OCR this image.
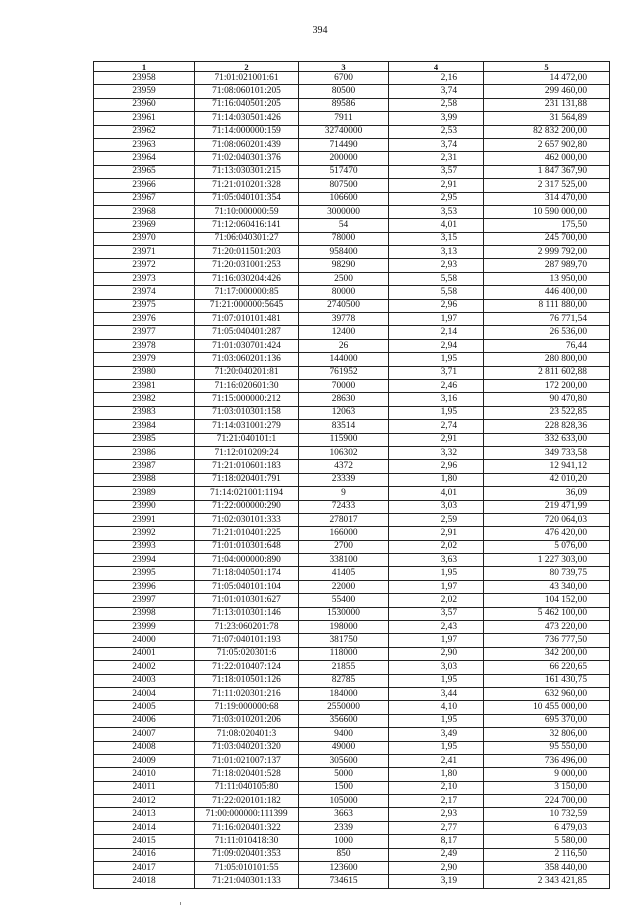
394
1	2	3	4	5
23958	71:01:021001:61	6700	2,16	14 472,00
23959	71:08:060101:205	80500	3,74	299 460,00
23960	71:16:040501:205	89586	2,58	231 131,88
23961	71:14:030501:426	7911	3,99	31 564,89
23962	71:14:000000:159	32740000	2,53	82 832 200,00
23963	71:08:060201:439	714490	3,74	2 657 902,80
23964	71:02:040301:376	200000	2,31	462 000,00
23965	71:13:030301:215	517470	3,57	1 847 367,90
23966	71:21:010201:328	807500	2,91	2 317 525,00
23967	71:05:040101:354	106600	2,95	314 470,00
23968	71:10:000000:59	3000000	3,53	10 590 000,00
23969	71:12:060416:141	54	4,01	175,50
23970	71:06:040301:27	78000	3,15	245 700,00
23971	71:20:011501:203	958400	3,13	2 999 792,00
23972	71:20:031001:253	98290	2,93	287 989,70
23973	71:16:030204:426	2500	5,58	13 950,00
23974	71:17:000000:85	80000	5,58	446 400,00
23975	71:21:000000:5645	2740500	2,96	8 111 880,00
23976	71:07:010101:481	39778	1,97	76 771,54
23977	71:05:040401:287	12400	2,14	26 536,00
23978	71:01:030701:424	26	2,94	76,44
23979	71:03:060201:136	144000	1,95	280 800,00
23980	71:20:040201:81	761952	3,71	2 811 602,88
23981	71:16:020601:30	70000	2,46	172 200,00
23982	71:15:000000:212	28630	3,16	90 470,80
23983	71:03:010301:158	12063	1,95	23 522,85
23984	71:14:031001:279	83514	2,74	228 828,36
23985	71:21:040101:1	115900	2,91	332 633,00
23986	71:12:010209:24	106302	3,32	349 733,58
23987	71:21:010601:183	4372	2,96	12 941,12
23988	71:18:020401:791	23339	1,80	42 010,20
23989	71:14:021001:1194	9	4,01	36,09
23990	71:22:000000:290	72433	3,03	219 471,99
23991	71:02:030101:333	278017	2,59	720 064,03
23992	71:21:010401:225	166000	2,91	476 420,00
23993	71:01:010301:648	2700	2,02	5 076,00
23994	71:04:000000:890	338100	3,63	1 227 303,00
23995	71:18:040501:174	41405	1,95	80 739,75
23996	71:05:040101:104	22000	1,97	43 340,00
23997	71:01:010301:627	55400	2,02	104 152,00
23998	71:13:010301:146	1530000	3,57	5 462 100,00
23999	71:23:060201:78	198000	2,43	473 220,00
24000	71:07:040101:193	381750	1,97	736 777,50
24001	71:05:020301:6	118000	2,90	342 200,00
24002	71:22:010407:124	21855	3,03	66 220,65
24003	71:18:010501:126	82785	1,95	161 430,75
24004	71:11:020301:216	184000	3,44	632 960,00
24005	71:19:000000:68	2550000	4,10	10 455 000,00
24006	71:03:010201:206	356600	1,95	695 370,00
24007	71:08:020401:3	9400	3,49	32 806,00
24008	71:03:040201:320	49000	1,95	95 550,00
24009	71:01:021007:137	305600	2,41	736 496,00
24010	71:18:020401:528	5000	1,80	9 000,00
24011	71:11:040105:80	1500	2,10	3 150,00
24012	71:22:020101:182	105000	2,17	224 700,00
24013	71:00:000000:111399	3663	2,93	10 732,59
24014	71:16:020401:322	2339	2,77	6 479,03
24015	71:11:010418:30	1000	8,17	5 580,00
24016	71:09:020401:353	850	2,49	2 116,50
24017	71:05:010101:55	123600	2,90	358 440,00
24018	71:21:040301:133	734615	3,19	2 343 421,85
